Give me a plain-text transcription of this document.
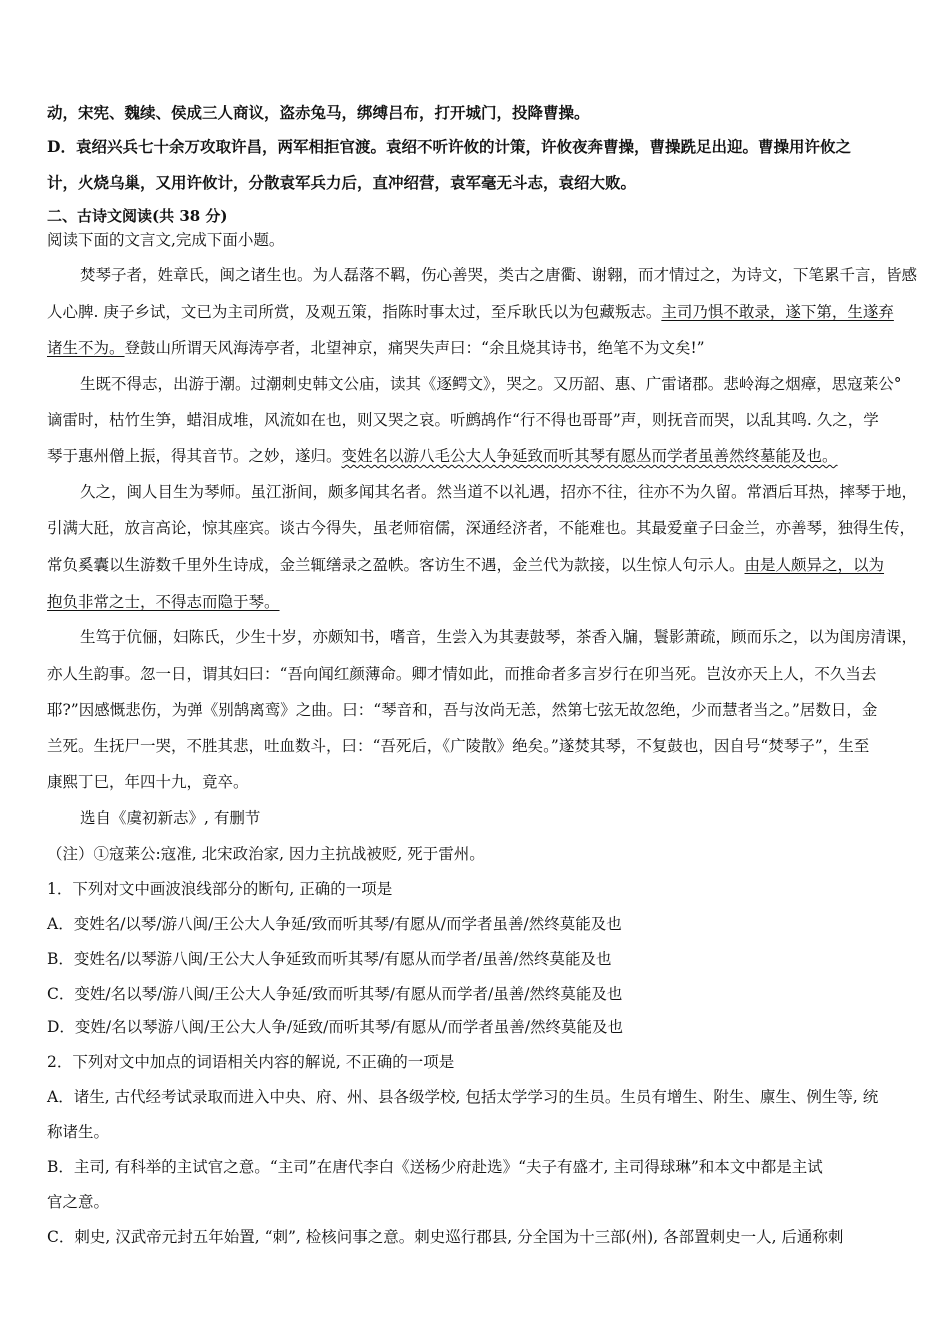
动，宋宪、魏续、侯成三人商议，盗赤兔马，绑缚吕布，打开城门，投降曹操。
D．袁绍兴兵七十余万攻取许昌，两军相拒官渡。袁绍不听许攸的计策，许攸夜奔曹操，曹操跣足出迎。曹操用许攸之
计，火烧乌巢，又用许攸计，分散袁军兵力后，直冲绍营，袁军毫无斗志，袁绍大败。
二、古诗文阅读(共 38 分)
阅读下面的文言文,完成下面小题。
焚琴子者，姓章氏，闽之诸生也。为人磊落不羁，伤心善哭，类古之唐衢、谢翱，而才情过之，为诗文，下笔累千言，皆感
人心脾. 庚子乡试，文已为主司所赏，及观五策，指陈时事太过，至斥耿氏以为包藏叛志。主司乃惧不敢录，遂下第，生遂弃
诸生不为。登鼓山所谓天风海涛亭者，北望神京，痛哭失声曰：“余且烧其诗书，绝笔不为文矣!”
生既不得志，出游于潮。过潮刺史韩文公庙，读其《逐鳄文》，哭之。又历韶、惠、广雷诸郡。悲岭海之烟瘴，思寇莱公°
谪雷时，枯竹生笋，蜡泪成堆，风流如在也，则又哭之哀。听鹧鸪作“行不得也哥哥”声，则抚音而哭，以乱其鸣. 久之，学
琴于惠州僧上振，得其音节。之妙，遂归。变姓名以游八毛公大人争延致而听其琴有愿丛而学者虽善然终墓能及也。
久之，闽人目生为琴师。虽江浙间，颇多闻其名者。然当道不以礼遇，招亦不往，往亦不为久留。常酒后耳热，摔琴于地，
引满大瓩，放言高论，惊其座宾。谈古今得失，虽老师宿儒，深通经济者，不能难也。其最爱童子曰金兰，亦善琴，独得生传，
常负奚囊以生游数千里外生诗成，金兰辄缮录之盈帙。客访生不遇，金兰代为款接，以生惊人句示人。由是人颇异之，以为
抱负非常之士，不得志而隐于琴。
生笃于伉俪，妇陈氏，少生十岁，亦颇知书，嗜音，生尝入为其妻鼓琴，茶香入牖，鬟影萧疏，顾而乐之，以为闺房清课，
亦人生韵事。忽一日，谓其妇曰：“吾向闻红颜薄命。卿才情如此，而推命者多言岁行在卯当死。岂汝亦天上人，不久当去
耶?”因感慨悲伤，为弹《别鹄离鸾》之曲。曰：“琴音和，吾与汝尚无恙，然第七弦无故忽绝，少而慧者当之。”居数日，金
兰死。生抚尸一哭，不胜其悲，吐血数斗，曰：“吾死后，《广陵散》绝矣。”遂焚其琴，不复鼓也，因自号“焚琴子”，生至
康熙丁巳，年四十九，竟卒。
选自《虞初新志》, 有删节
（注）①寇莱公:寇准, 北宋政治家, 因力主抗战被贬, 死于雷州。
1．下列对文中画波浪线部分的断句, 正确的一项是
A．变姓名/以琴/游八闽/王公大人争延/致而听其琴/有愿从/而学者虽善/然终莫能及也
B．变姓名/以琴游八闽/王公大人争延致而听其琴/有愿从而学者/虽善/然终莫能及也
C．变姓/名以琴/游八闽/王公大人争延/致而听其琴/有愿从而学者/虽善/然终莫能及也
D．变姓/名以琴游八闽/王公大人争/延致/而听其琴/有愿从/而学者虽善/然终莫能及也
2．下列对文中加点的词语相关内容的解说, 不正确的一项是
A．诸生, 古代经考试录取而进入中央、府、州、县各级学校, 包括太学学习的生员。生员有增生、附生、廪生、例生等, 统
称诸生。
B．主司, 有科举的主试官之意。“主司”在唐代李白《送杨少府赴选》“夫子有盛才, 主司得球琳”和本文中都是主试
官之意。
C．刺史, 汉武帝元封五年始置, “刺”, 检核问事之意。刺史巡行郡县, 分全国为十三部(州), 各部置刺史一人, 后通称刺
